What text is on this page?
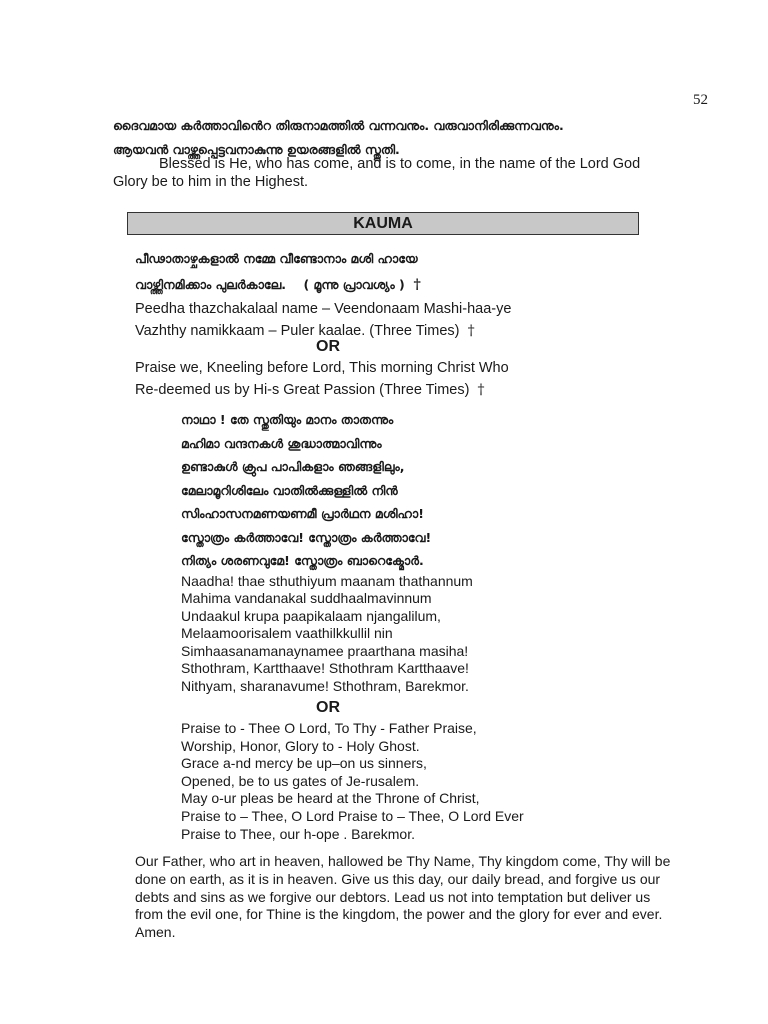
52
ദൈവമായ കർത്താവിൻെറ തിരുനാമത്തിൽ വന്നവനും. വരുവാനിരിക്കുന്നവനും.
ആയവൻ വാഴ്ത്തപ്പെട്ടവനാകുന്നു ഉയരങ്ങളിൽ സ്തുതി.
Blessed is He, who has come, and is to come, in the name of the Lord God
Glory be to him in the Highest.
KAUMA
പീഢാതാഴ്ചകളാൽ നമ്മേ വീണ്ടോനാം മശി ഹായേ
വാഴ്ത്തിനമിക്കാം പുലർകാലേ. ( മൂന്നു പ്രാവശ്യം ) †
Peedha thazchakalaal name – Veendonaam Mashi-haa-ye
Vazhthy namikkaam – Puler kaalae. (Three Times) †
OR
Praise we, Kneeling before Lord, This morning Christ Who
Re-deemed us by Hi-s Great Passion (Three Times) †
നാഥാ ! തേ സ്തുതിയും മാനം താതന്നും
മഹിമാ വന്ദനകൾ ശുദ്ധാത്മാവിന്നും
ഉണ്ടാകുൾ ക്രുപ പാപികളാം ഞങ്ങളിലും,
മേലാമൂറിശിലേം വാതിൽക്കുള്ളിൽ നിൻ
സിംഹാസനമണയണമീ പ്രാർഥന മശിഹാ!
സ്തോത്രം കർത്താവേ! സ്തോത്രം കർത്താവേ!
നിത്യം ശരണവുമേ! സ്തോത്രം ബാറെക്മോർ.
Naadha! thae sthuthiyum maanam thathannum
Mahima vandanakal suddhaalmavinnum
Undaakul krupa paapikalaam njangalilum,
Melaamoorisalem vaathilkkullil nin
Simhaasanamanaynamee praarthana masiha!
Sthothram, Kartthaave! Sthothram Kartthaave!
Nithyam, sharanavume! Sthothram, Barekmor.
OR
Praise to - Thee O Lord, To Thy - Father Praise,
Worship, Honor, Glory to - Holy Ghost.
Grace a-nd mercy be up–on us sinners,
Opened, be to us gates of Je-rusalem.
May o-ur pleas be heard at the Throne of Christ,
Praise to – Thee, O Lord Praise to – Thee, O Lord Ever
Praise to Thee, our h-ope . Barekmor.
Our Father, who art in heaven, hallowed be Thy Name, Thy kingdom come, Thy will be done on earth, as it is in heaven. Give us this day, our daily bread, and forgive us our debts and sins as we forgive our debtors. Lead us not into temptation but deliver us from the evil one, for Thine is the kingdom, the power and the glory for ever and ever. Amen.
